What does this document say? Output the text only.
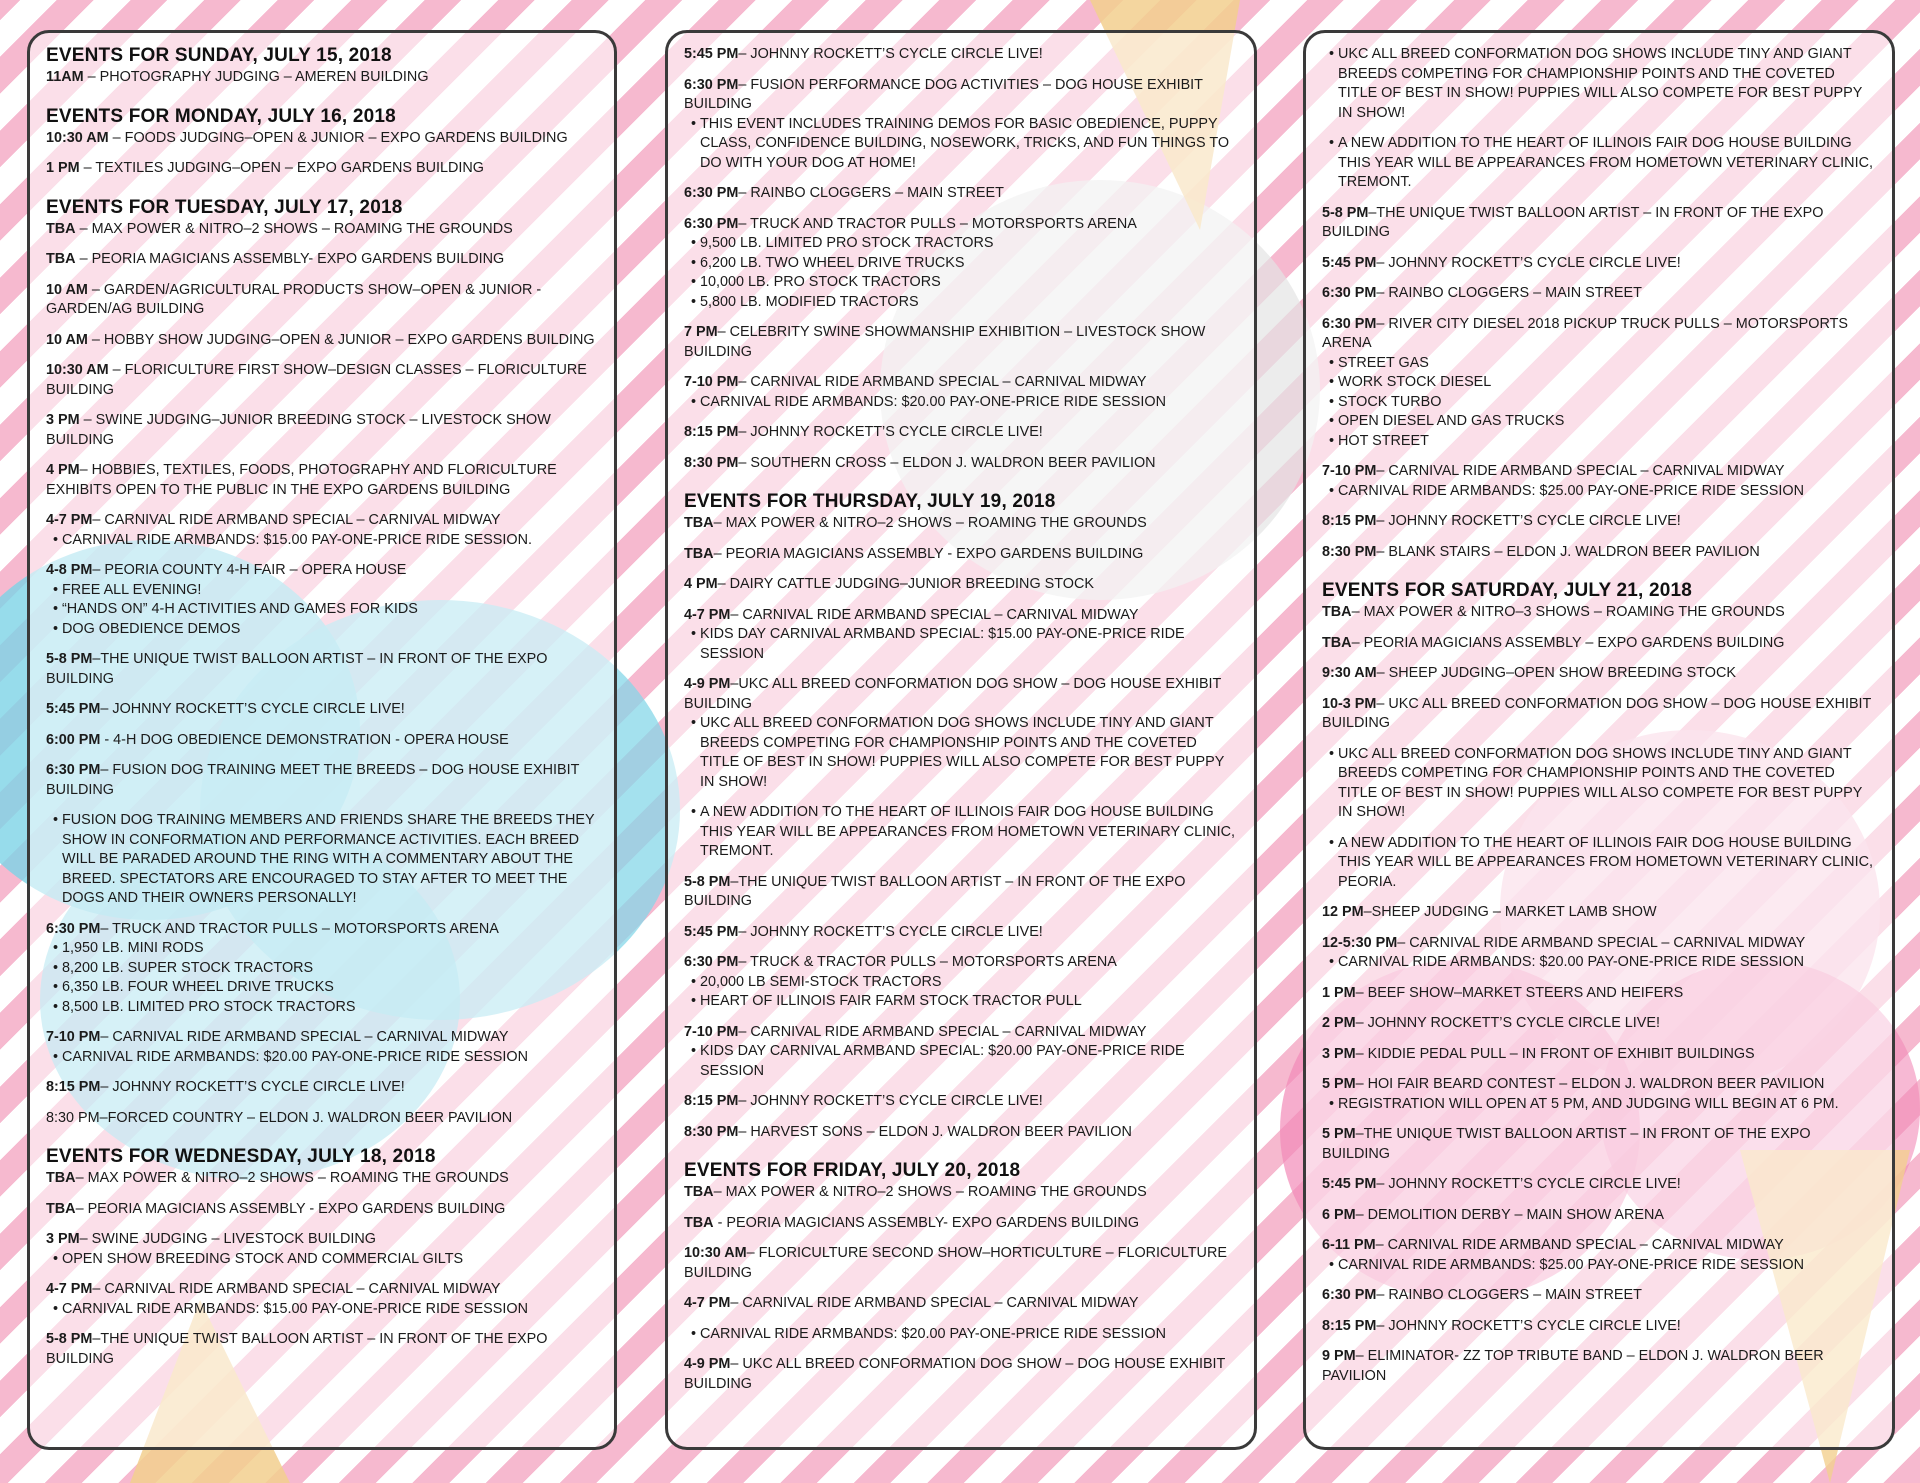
EVENTS FOR SUNDAY, JULY 15, 2018
11AM – PHOTOGRAPHY JUDGING – AMEREN BUILDING
EVENTS FOR MONDAY, JULY 16, 2018
10:30 AM – FOODS JUDGING–OPEN & JUNIOR – EXPO GARDENS BUILDING
1 PM – TEXTILES JUDGING–OPEN – EXPO GARDENS BUILDING
EVENTS FOR TUESDAY, JULY 17, 2018
TBA – MAX POWER & NITRO–2 SHOWS – ROAMING THE GROUNDS
TBA – PEORIA MAGICIANS ASSEMBLY- EXPO GARDENS BUILDING
10 AM – GARDEN/AGRICULTURAL PRODUCTS SHOW–OPEN & JUNIOR - GARDEN/AG BUILDING
10 AM – HOBBY SHOW JUDGING–OPEN & JUNIOR – EXPO GARDENS BUILDING
10:30 AM – FLORICULTURE FIRST SHOW–DESIGN CLASSES – FLORICULTURE BUILDING
3 PM – SWINE JUDGING–JUNIOR BREEDING STOCK – LIVESTOCK SHOW BUILDING
4 PM– HOBBIES, TEXTILES, FOODS, PHOTOGRAPHY AND FLORICULTURE EXHIBITS OPEN TO THE PUBLIC IN THE EXPO GARDENS BUILDING
4-7 PM– CARNIVAL RIDE ARMBAND SPECIAL – CARNIVAL MIDWAY
• CARNIVAL RIDE ARMBANDS: $15.00 PAY-ONE-PRICE RIDE SESSION.
4-8 PM– PEORIA COUNTY 4-H FAIR – OPERA HOUSE
• FREE ALL EVENING!
• “HANDS ON” 4-H ACTIVITIES AND GAMES FOR KIDS
• DOG OBEDIENCE DEMOS
5-8 PM–THE UNIQUE TWIST BALLOON ARTIST – IN FRONT OF THE EXPO BUILDING
5:45 PM– JOHNNY ROCKETT’S CYCLE CIRCLE LIVE!
6:00 PM - 4-H DOG OBEDIENCE DEMONSTRATION - OPERA HOUSE
6:30 PM– FUSION DOG TRAINING MEET THE BREEDS – DOG HOUSE EXHIBIT BUILDING
• FUSION DOG TRAINING MEMBERS AND FRIENDS SHARE THE BREEDS THEY SHOW IN CONFORMATION AND PERFORMANCE ACTIVITIES. EACH BREED WILL BE PARADED AROUND THE RING WITH A COMMENTARY ABOUT THE BREED. SPECTATORS ARE ENCOURAGED TO STAY AFTER TO MEET THE DOGS AND THEIR OWNERS PERSONALLY!
6:30 PM– TRUCK AND TRACTOR PULLS – MOTORSPORTS ARENA
• 1,950 LB. MINI RODS
• 8,200 LB. SUPER STOCK TRACTORS
• 6,350 LB. FOUR WHEEL DRIVE TRUCKS
• 8,500 LB. LIMITED PRO STOCK TRACTORS
7-10 PM– CARNIVAL RIDE ARMBAND SPECIAL – CARNIVAL MIDWAY
• CARNIVAL RIDE ARMBANDS: $20.00 PAY-ONE-PRICE RIDE SESSION
8:15 PM– JOHNNY ROCKETT’S CYCLE CIRCLE LIVE!
8:30 PM–FORCED COUNTRY – ELDON J. WALDRON BEER PAVILION
EVENTS FOR WEDNESDAY, JULY 18, 2018
TBA– MAX POWER & NITRO–2 SHOWS – ROAMING THE GROUNDS
TBA– PEORIA MAGICIANS ASSEMBLY - EXPO GARDENS BUILDING
3 PM– SWINE JUDGING – LIVESTOCK BUILDING
• OPEN SHOW BREEDING STOCK AND COMMERCIAL GILTS
4-7 PM– CARNIVAL RIDE ARMBAND SPECIAL – CARNIVAL MIDWAY
• CARNIVAL RIDE ARMBANDS: $15.00 PAY-ONE-PRICE RIDE SESSION
5-8 PM–THE UNIQUE TWIST BALLOON ARTIST – IN FRONT OF THE EXPO BUILDING
5:45 PM– JOHNNY ROCKETT’S CYCLE CIRCLE LIVE!
6:30 PM– FUSION PERFORMANCE DOG ACTIVITIES – DOG HOUSE EXHIBIT BUILDING
• THIS EVENT INCLUDES TRAINING DEMOS FOR BASIC OBEDIENCE, PUPPY CLASS, CONFIDENCE BUILDING, NOSEWORK, TRICKS, AND FUN THINGS TO DO WITH YOUR DOG AT HOME!
6:30 PM– RAINBO CLOGGERS – MAIN STREET
6:30 PM– TRUCK AND TRACTOR PULLS – MOTORSPORTS ARENA
• 9,500 LB. LIMITED PRO STOCK TRACTORS
• 6,200 LB. TWO WHEEL DRIVE TRUCKS
• 10,000 LB. PRO STOCK TRACTORS
• 5,800 LB. MODIFIED TRACTORS
7 PM– CELEBRITY SWINE SHOWMANSHIP EXHIBITION – LIVESTOCK SHOW BUILDING
7-10 PM– CARNIVAL RIDE ARMBAND SPECIAL – CARNIVAL MIDWAY
• CARNIVAL RIDE ARMBANDS: $20.00 PAY-ONE-PRICE RIDE SESSION
8:15 PM– JOHNNY ROCKETT’S CYCLE CIRCLE LIVE!
8:30 PM– SOUTHERN CROSS – ELDON J. WALDRON BEER PAVILION
EVENTS FOR THURSDAY, JULY 19, 2018
TBA– MAX POWER & NITRO–2 SHOWS – ROAMING THE GROUNDS
TBA– PEORIA MAGICIANS ASSEMBLY - EXPO GARDENS BUILDING
4 PM– DAIRY CATTLE JUDGING–JUNIOR BREEDING STOCK
4-7 PM– CARNIVAL RIDE ARMBAND SPECIAL – CARNIVAL MIDWAY
• KIDS DAY CARNIVAL ARMBAND SPECIAL: $15.00 PAY-ONE-PRICE RIDE SESSION
4-9 PM–UKC ALL BREED CONFORMATION DOG SHOW – DOG HOUSE EXHIBIT BUILDING
• UKC ALL BREED CONFORMATION DOG SHOWS INCLUDE TINY AND GIANT BREEDS COMPETING FOR CHAMPIONSHIP POINTS AND THE COVETED TITLE OF BEST IN SHOW! PUPPIES WILL ALSO COMPETE FOR BEST PUPPY IN SHOW!
• A NEW ADDITION TO THE HEART OF ILLINOIS FAIR DOG HOUSE BUILDING THIS YEAR WILL BE APPEARANCES FROM HOMETOWN VETERINARY CLINIC, TREMONT.
5-8 PM–THE UNIQUE TWIST BALLOON ARTIST – IN FRONT OF THE EXPO BUILDING
5:45 PM– JOHNNY ROCKETT’S CYCLE CIRCLE LIVE!
6:30 PM– TRUCK & TRACTOR PULLS – MOTORSPORTS ARENA
• 20,000 LB SEMI-STOCK TRACTORS
• HEART OF ILLINOIS FAIR FARM STOCK TRACTOR PULL
7-10 PM– CARNIVAL RIDE ARMBAND SPECIAL – CARNIVAL MIDWAY
• KIDS DAY CARNIVAL ARMBAND SPECIAL: $20.00 PAY-ONE-PRICE RIDE SESSION
8:15 PM– JOHNNY ROCKETT’S CYCLE CIRCLE LIVE!
8:30 PM– HARVEST SONS – ELDON J. WALDRON BEER PAVILION
EVENTS FOR FRIDAY, JULY 20, 2018
TBA– MAX POWER & NITRO–2 SHOWS – ROAMING THE GROUNDS
TBA - PEORIA MAGICIANS ASSEMBLY- EXPO GARDENS BUILDING
10:30 AM– FLORICULTURE SECOND SHOW–HORTICULTURE – FLORICULTURE BUILDING
4-7 PM– CARNIVAL RIDE ARMBAND SPECIAL – CARNIVAL MIDWAY
• CARNIVAL RIDE ARMBANDS: $20.00 PAY-ONE-PRICE RIDE SESSION
4-9 PM– UKC ALL BREED CONFORMATION DOG SHOW – DOG HOUSE EXHIBIT BUILDING
• UKC ALL BREED CONFORMATION DOG SHOWS INCLUDE TINY AND GIANT BREEDS COMPETING FOR CHAMPIONSHIP POINTS AND THE COVETED TITLE OF BEST IN SHOW! PUPPIES WILL ALSO COMPETE FOR BEST PUPPY IN SHOW!
• A NEW ADDITION TO THE HEART OF ILLINOIS FAIR DOG HOUSE BUILDING THIS YEAR WILL BE APPEARANCES FROM HOMETOWN VETERINARY CLINIC, TREMONT.
5-8 PM–THE UNIQUE TWIST BALLOON ARTIST – IN FRONT OF THE EXPO BUILDING
5:45 PM– JOHNNY ROCKETT’S CYCLE CIRCLE LIVE!
6:30 PM– RAINBO CLOGGERS – MAIN STREET
6:30 PM– RIVER CITY DIESEL 2018 PICKUP TRUCK PULLS – MOTORSPORTS ARENA
• STREET GAS
• WORK STOCK DIESEL
• STOCK TURBO
• OPEN DIESEL AND GAS TRUCKS
• HOT STREET
7-10 PM– CARNIVAL RIDE ARMBAND SPECIAL – CARNIVAL MIDWAY
• CARNIVAL RIDE ARMBANDS: $25.00 PAY-ONE-PRICE RIDE SESSION
8:15 PM– JOHNNY ROCKETT’S CYCLE CIRCLE LIVE!
8:30 PM– BLANK STAIRS – ELDON J. WALDRON BEER PAVILION
EVENTS FOR SATURDAY, JULY 21, 2018
TBA– MAX POWER & NITRO–3 SHOWS – ROAMING THE GROUNDS
TBA– PEORIA MAGICIANS ASSEMBLY – EXPO GARDENS BUILDING
9:30 AM– SHEEP JUDGING–OPEN SHOW BREEDING STOCK
10-3 PM– UKC ALL BREED CONFORMATION DOG SHOW – DOG HOUSE EXHIBIT BUILDING
• UKC ALL BREED CONFORMATION DOG SHOWS INCLUDE TINY AND GIANT BREEDS COMPETING FOR CHAMPIONSHIP POINTS AND THE COVETED TITLE OF BEST IN SHOW! PUPPIES WILL ALSO COMPETE FOR BEST PUPPY IN SHOW!
• A NEW ADDITION TO THE HEART OF ILLINOIS FAIR DOG HOUSE BUILDING THIS YEAR WILL BE APPEARANCES FROM HOMETOWN VETERINARY CLINIC, PEORIA.
12 PM–SHEEP JUDGING – MARKET LAMB SHOW
12-5:30 PM– CARNIVAL RIDE ARMBAND SPECIAL – CARNIVAL MIDWAY
• CARNIVAL RIDE ARMBANDS: $20.00 PAY-ONE-PRICE RIDE SESSION
1 PM– BEEF SHOW–MARKET STEERS AND HEIFERS
2 PM– JOHNNY ROCKETT’S CYCLE CIRCLE LIVE!
3 PM– KIDDIE PEDAL PULL – IN FRONT OF EXHIBIT BUILDINGS
5 PM– HOI FAIR BEARD CONTEST – ELDON J. WALDRON BEER PAVILION
• REGISTRATION WILL OPEN AT 5 PM, AND JUDGING WILL BEGIN AT 6 PM.
5 PM–THE UNIQUE TWIST BALLOON ARTIST – IN FRONT OF THE EXPO BUILDING
5:45 PM– JOHNNY ROCKETT’S CYCLE CIRCLE LIVE!
6 PM– DEMOLITION DERBY – MAIN SHOW ARENA
6-11 PM– CARNIVAL RIDE ARMBAND SPECIAL – CARNIVAL MIDWAY
• CARNIVAL RIDE ARMBANDS: $25.00 PAY-ONE-PRICE RIDE SESSION
6:30 PM– RAINBO CLOGGERS – MAIN STREET
8:15 PM– JOHNNY ROCKETT’S CYCLE CIRCLE LIVE!
9 PM– ELIMINATOR- ZZ TOP TRIBUTE BAND – ELDON J. WALDRON BEER PAVILION
